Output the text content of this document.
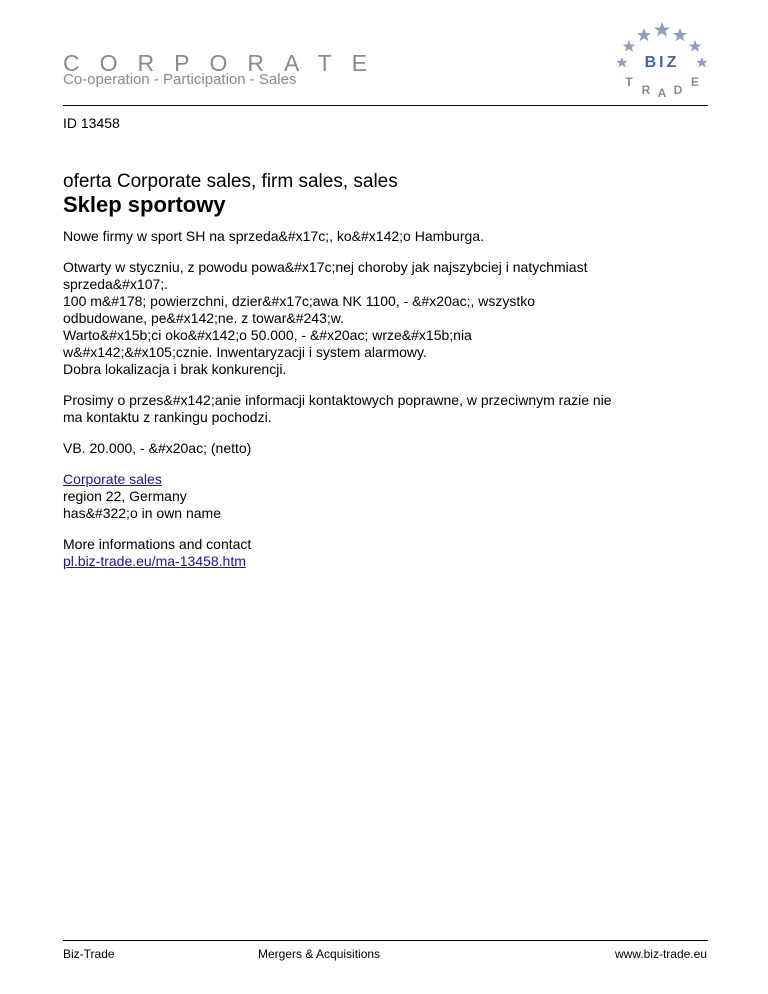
CORPORATE
Co-operation - Participation - Sales
BIZ
T
R A D
E
ID 13458
oferta Corporate sales, firm sales, sales
Sklep sportowy

Nowe firmy w sport SH na sprzeda&#x17c;, ko&#x142;o Hamburga.

Otwarty w styczniu, z powodu powa&#x17c;nej choroby jak najszybciej i natychmiast
sprzeda&#x107;.
100 m&#178; powierzchni, dzier&#x17c;awa NK 1100, - &#x20ac;, wszystko
odbudowane, pe&#x142;ne. z towar&#243;w.
Warto&#x15b;ci oko&#x142;o 50.000, - &#x20ac; wrze&#x15b;nia
w&#x142;&#x105;cznie. Inwentaryzacji i system alarmowy.
Dobra lokalizacja i brak konkurencji.

Prosimy o przes&#x142;anie informacji kontaktowych poprawne, w przeciwnym razie nie
ma kontaktu z rankingu pochodzi.

VB. 20.000, - &#x20ac; (netto)

Corporate sales
region 22, Germany
has&#322;o in own name

More informations and contact
pl.biz-trade.eu/ma-13458.htm

Biz-Trade	Mergers & Acquisitions	www.biz-trade.eu
